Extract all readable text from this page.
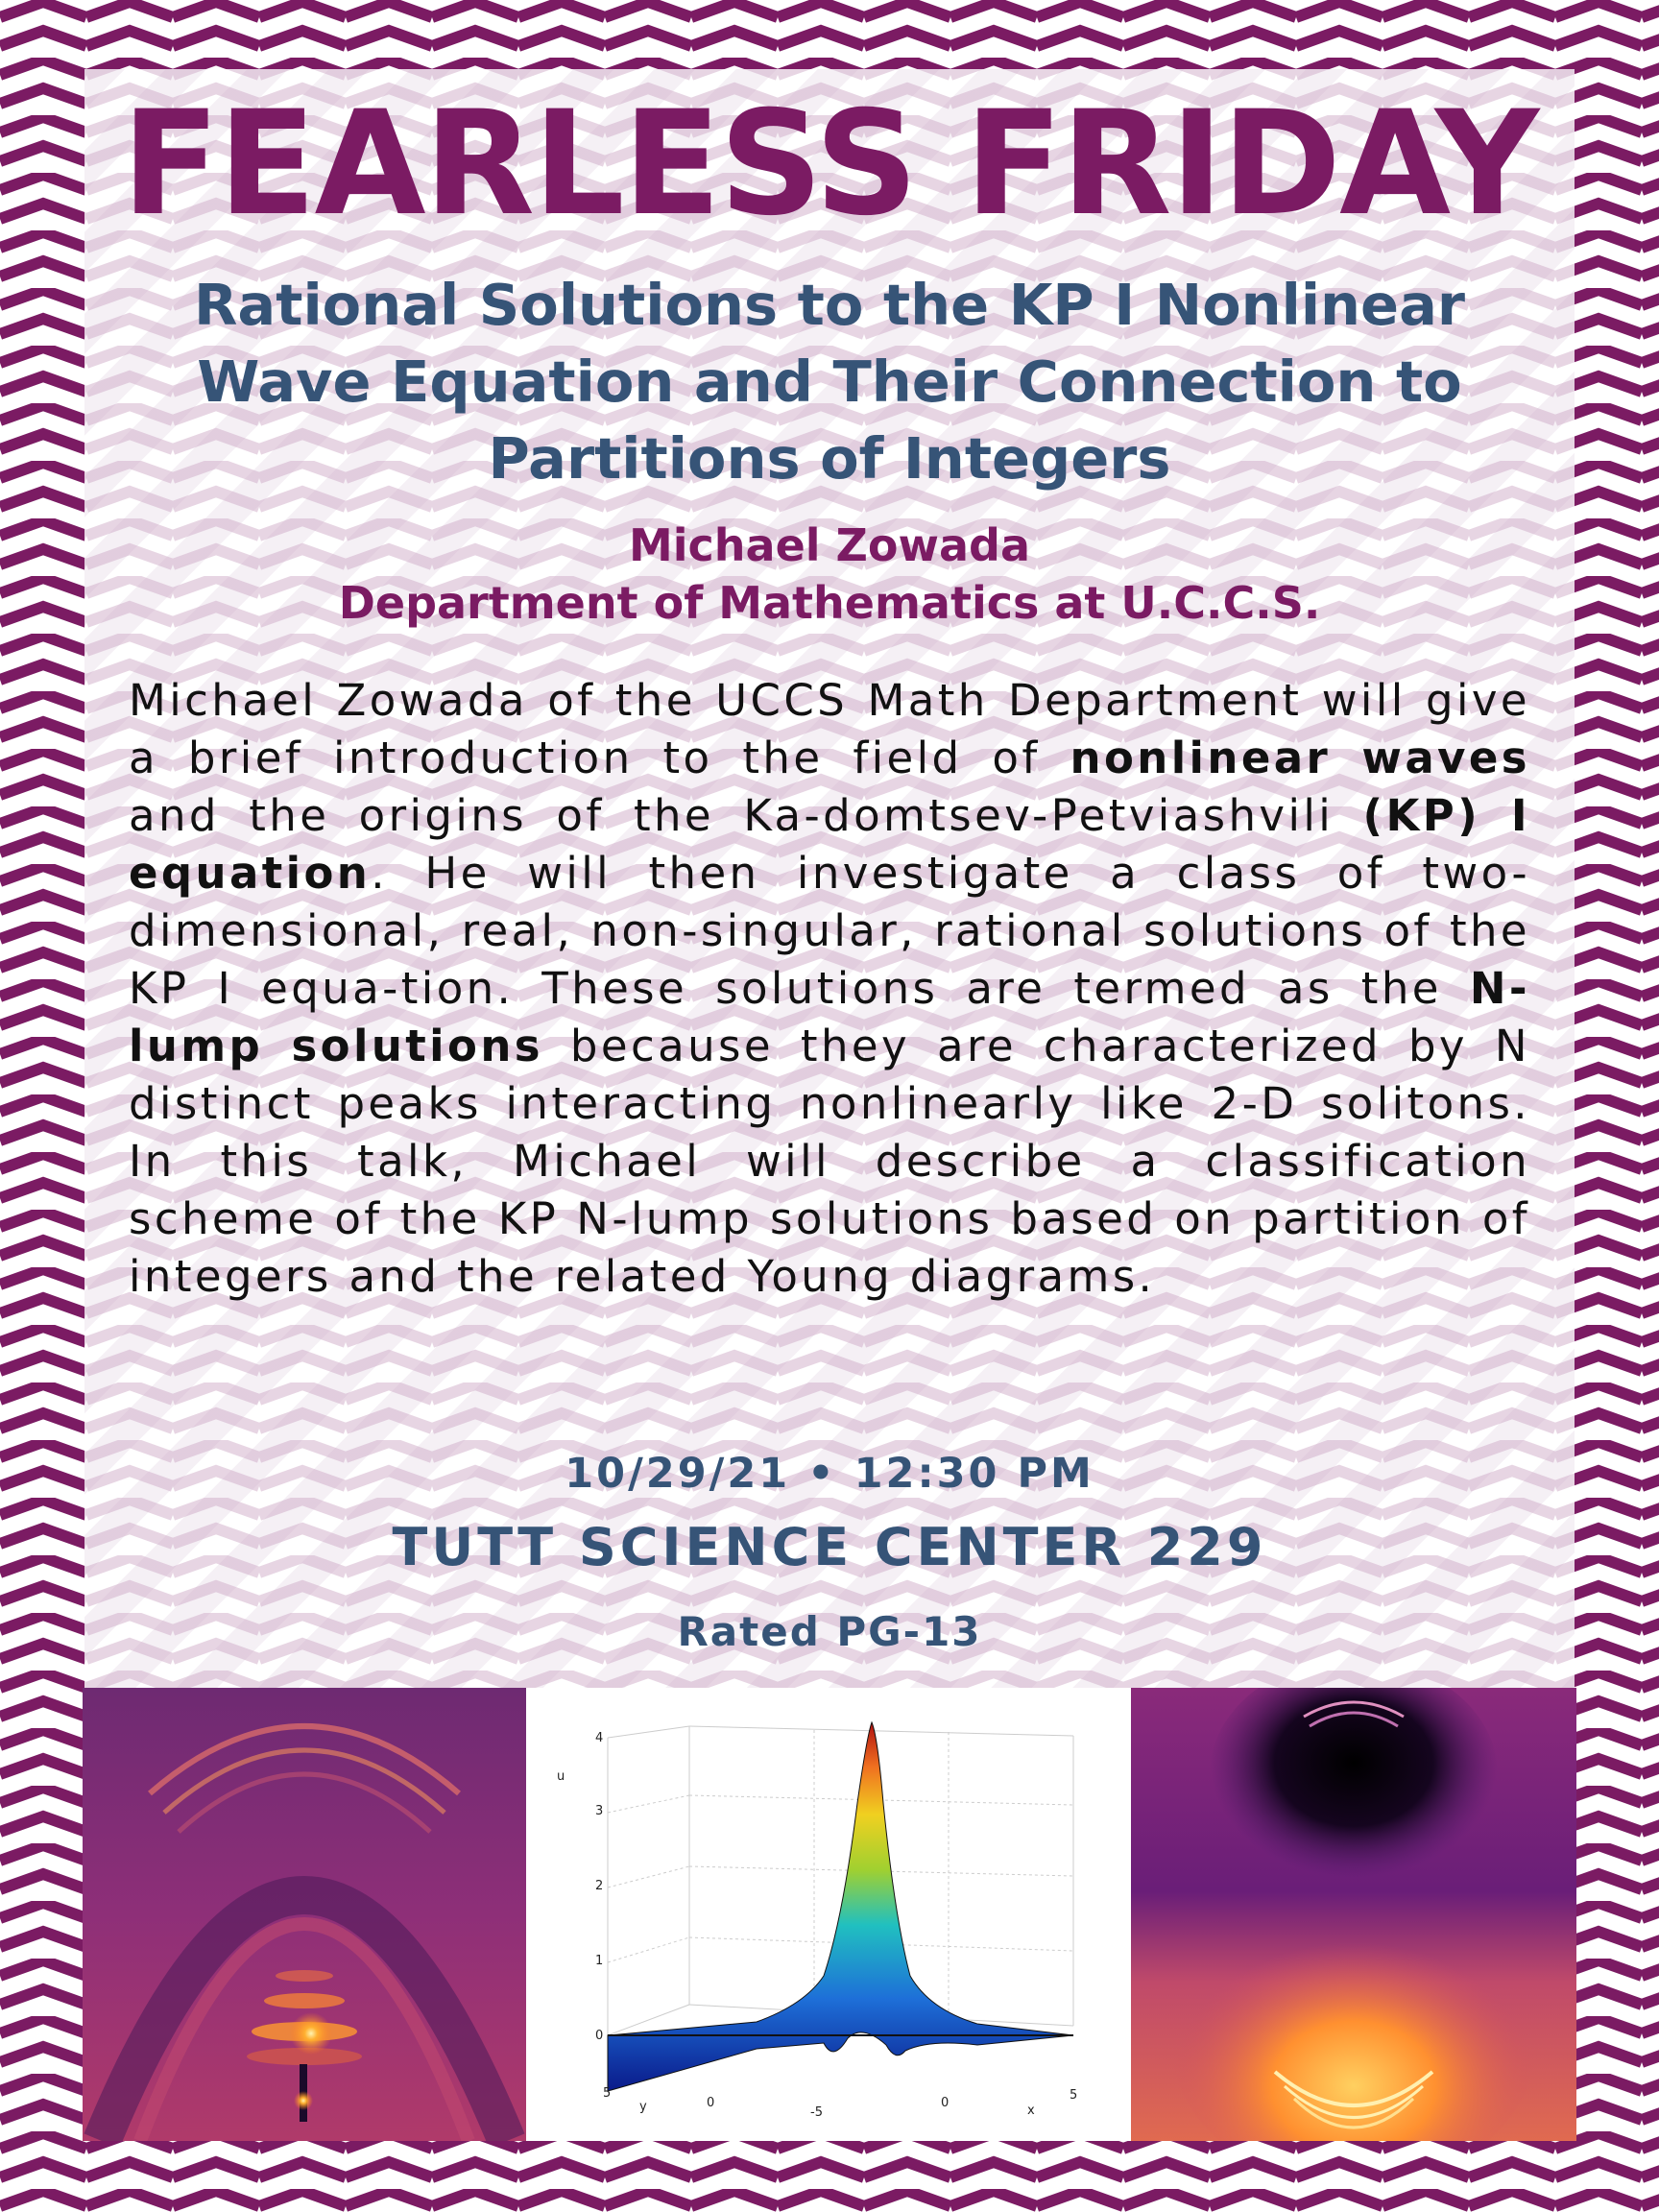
FEARLESS FRIDAY
Rational Solutions to the KP I Nonlinear
Wave Equation and Their Connection to
Partitions of Integers
Michael Zowada
Department of Mathematics at U.C.C.S.
Michael Zowada of the UCCS Math Department will give a brief introduction to the field of nonlinear waves and the origins of the Ka-domtsev-Petviashvili (KP) I equation. He will then investigate a class of two-dimensional, real, non-singular, rational solutions of the KP I equa-tion. These solutions are termed as the N-lump solutions because they are characterized by N distinct peaks interacting nonlinearly like 2-D solitons. In this talk, Michael will describe a classification scheme of the KP N-lump solutions based on partition of integers and the related Young diagrams.
10/29/21 • 12:30 PM
TUTT SCIENCE CENTER 229
Rated PG-13
0
1
2
3
4
u
5
y	0
-5
0
x
5
